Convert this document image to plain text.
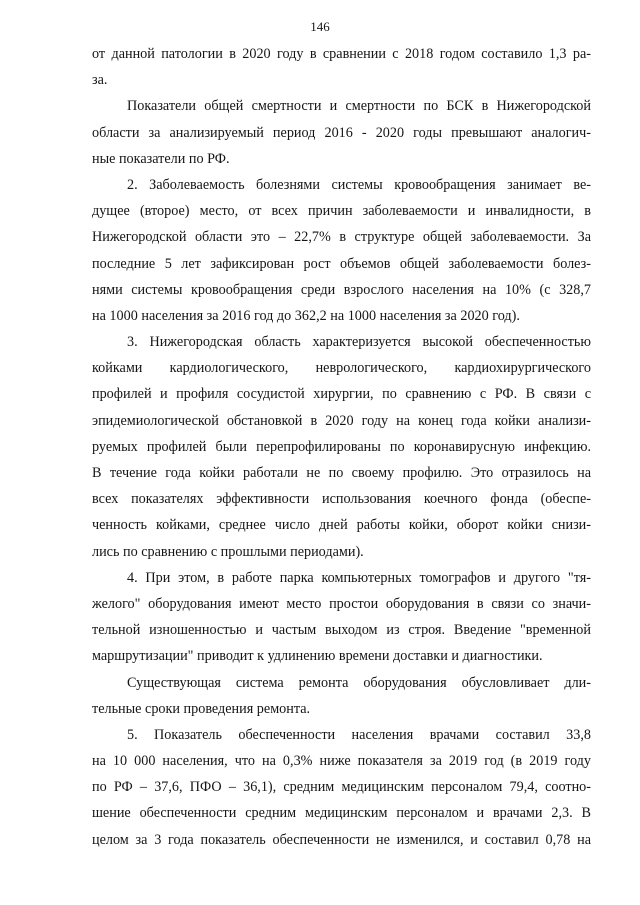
146
от данной патологии в 2020 году в сравнении с 2018 годом составило 1,3 ра-
за.
Показатели общей смертности и смертности по БСК в Нижегородской
области за анализируемый период 2016 - 2020 годы превышают аналогич-
ные показатели по РФ.
2. Заболеваемость болезнями системы кровообращения занимает ве-
дущее (второе) место, от всех причин заболеваемости и инвалидности, в
Нижегородской области это – 22,7% в структуре общей заболеваемости. За
последние 5 лет зафиксирован рост объемов общей заболеваемости болез-
нями системы кровообращения среди взрослого населения на 10% (с 328,7
на 1000 населения за 2016 год до 362,2 на 1000 населения за 2020 год).
3. Нижегородская область характеризуется высокой обеспеченностью
койками кардиологического, неврологического, кардиохирургического
профилей и профиля сосудистой хирургии, по сравнению с РФ. В связи с
эпидемиологической обстановкой в 2020 году на конец года койки анализи-
руемых профилей были перепрофилированы по коронавирусную инфекцию.
В течение года койки работали не по своему профилю. Это отразилось на
всех показателях эффективности использования коечного фонда (обеспе-
ченность койками, среднее число дней работы койки, оборот койки снизи-
лись по сравнению с прошлыми периодами).
4. При этом, в работе парка компьютерных томографов и другого "тя-
желого" оборудования имеют место простои оборудования в связи со значи-
тельной изношенностью и частым выходом из строя. Введение "временной
маршрутизации" приводит к удлинению времени доставки и диагностики.
Существующая система ремонта оборудования обусловливает дли-
тельные сроки проведения ремонта.
5. Показатель обеспеченности населения врачами составил 33,8
на 10 000 населения, что на 0,3% ниже показателя за 2019 год (в 2019 году
по РФ – 37,6, ПФО – 36,1), средним медицинским персоналом 79,4, соотно-
шение обеспеченности средним медицинским персоналом и врачами 2,3. В
целом за 3 года показатель обеспеченности не изменился, и составил 0,78 на
